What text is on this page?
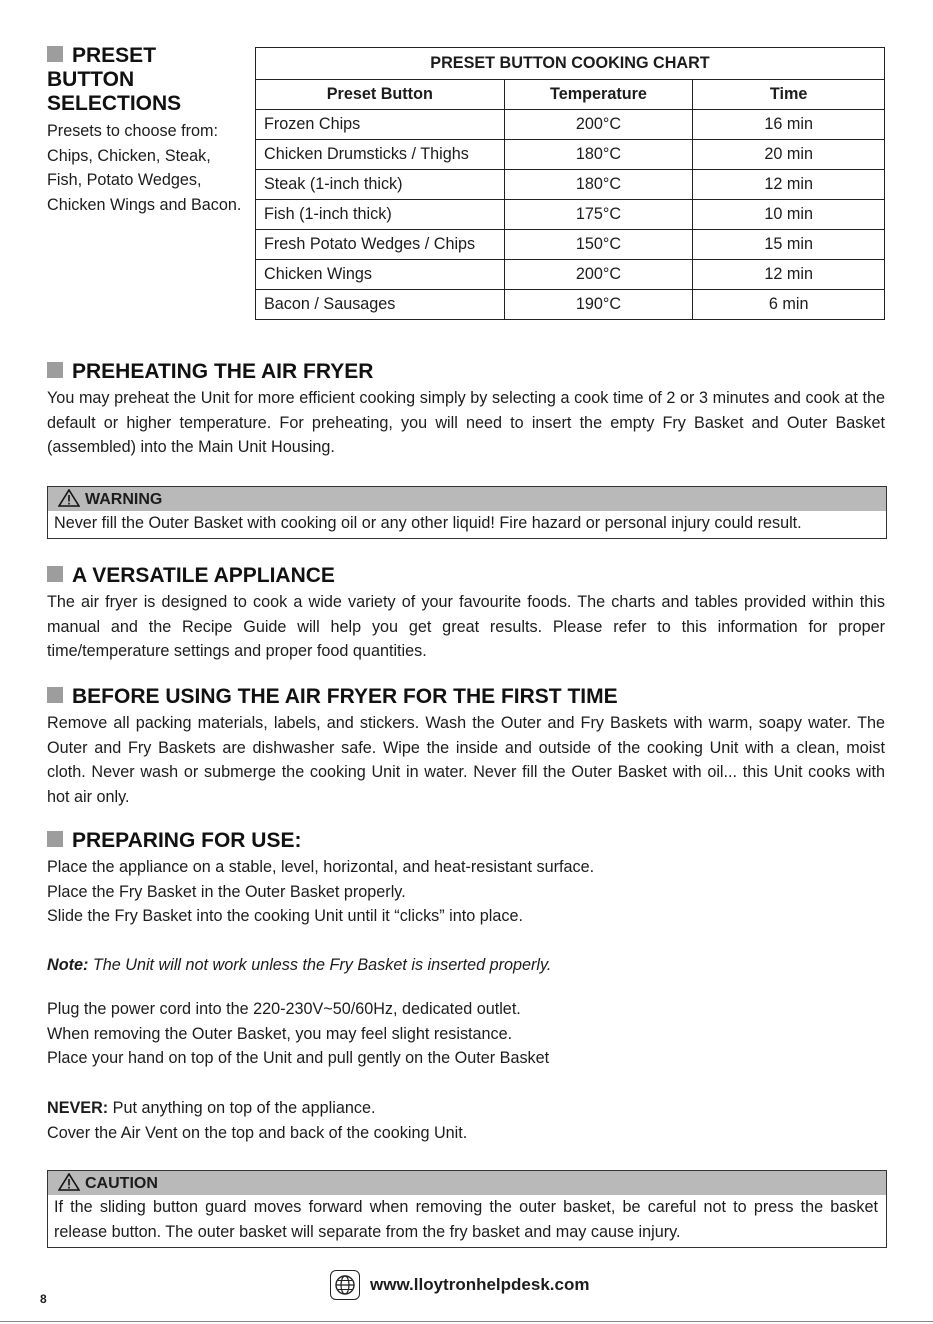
PRESET
BUTTON
SELECTIONS
Presets to choose from: Chips, Chicken, Steak, Fish, Potato Wedges, Chicken Wings and Bacon.
PRESET BUTTON COOKING CHART		
Preset Button	Temperature	Time
Frozen Chips	200°C	16 min
Chicken Drumsticks / Thighs	180°C	20 min
Steak (1-inch thick)	180°C	12 min
Fish (1-inch thick)	175°C	10 min
Fresh Potato Wedges / Chips	150°C	15 min
Chicken Wings	200°C	12 min
Bacon / Sausages	190°C	6 min
PREHEATING THE AIR FRYER
You may preheat the Unit for more efficient cooking simply by selecting a cook time of 2 or 3 minutes and cook at the default or higher temperature. For preheating, you will need to insert the empty Fry Basket and Outer Basket (assembled) into the Main Unit Housing.
WARNING
Never fill the Outer Basket with cooking oil or any other liquid! Fire hazard or personal injury could result.
A VERSATILE APPLIANCE
The air fryer is designed to cook a wide variety of your favourite foods. The charts and tables provided within this manual and the Recipe Guide will help you get great results. Please refer to this information for proper time/temperature settings and proper food quantities.
BEFORE USING THE AIR FRYER FOR THE FIRST TIME
Remove all packing materials, labels, and stickers. Wash the Outer and Fry Baskets with warm, soapy water. The Outer and Fry Baskets are dishwasher safe. Wipe the inside and outside of the cooking Unit with a clean, moist cloth. Never wash or submerge the cooking Unit in water. Never fill the Outer Basket with oil... this Unit cooks with hot air only.
PREPARING FOR USE:
Place the appliance on a stable, level, horizontal, and heat-resistant surface.
Place the Fry Basket in the Outer Basket properly.
Slide the Fry Basket into the cooking Unit until it “clicks” into place.
Note: The Unit will not work unless the Fry Basket is inserted properly.
Plug the power cord into the 220-230V~50/60Hz, dedicated outlet.
When removing the Outer Basket, you may feel slight resistance.
Place your hand on top of the Unit and pull gently on the Outer Basket
NEVER: Put anything on top of the appliance.
Cover the Air Vent on the top and back of the cooking Unit.
CAUTION
If the sliding button guard moves forward when removing the outer basket, be careful not to press the basket release button. The outer basket will separate from the fry basket and may cause injury.
www.lloytronhelpdesk.com
8
